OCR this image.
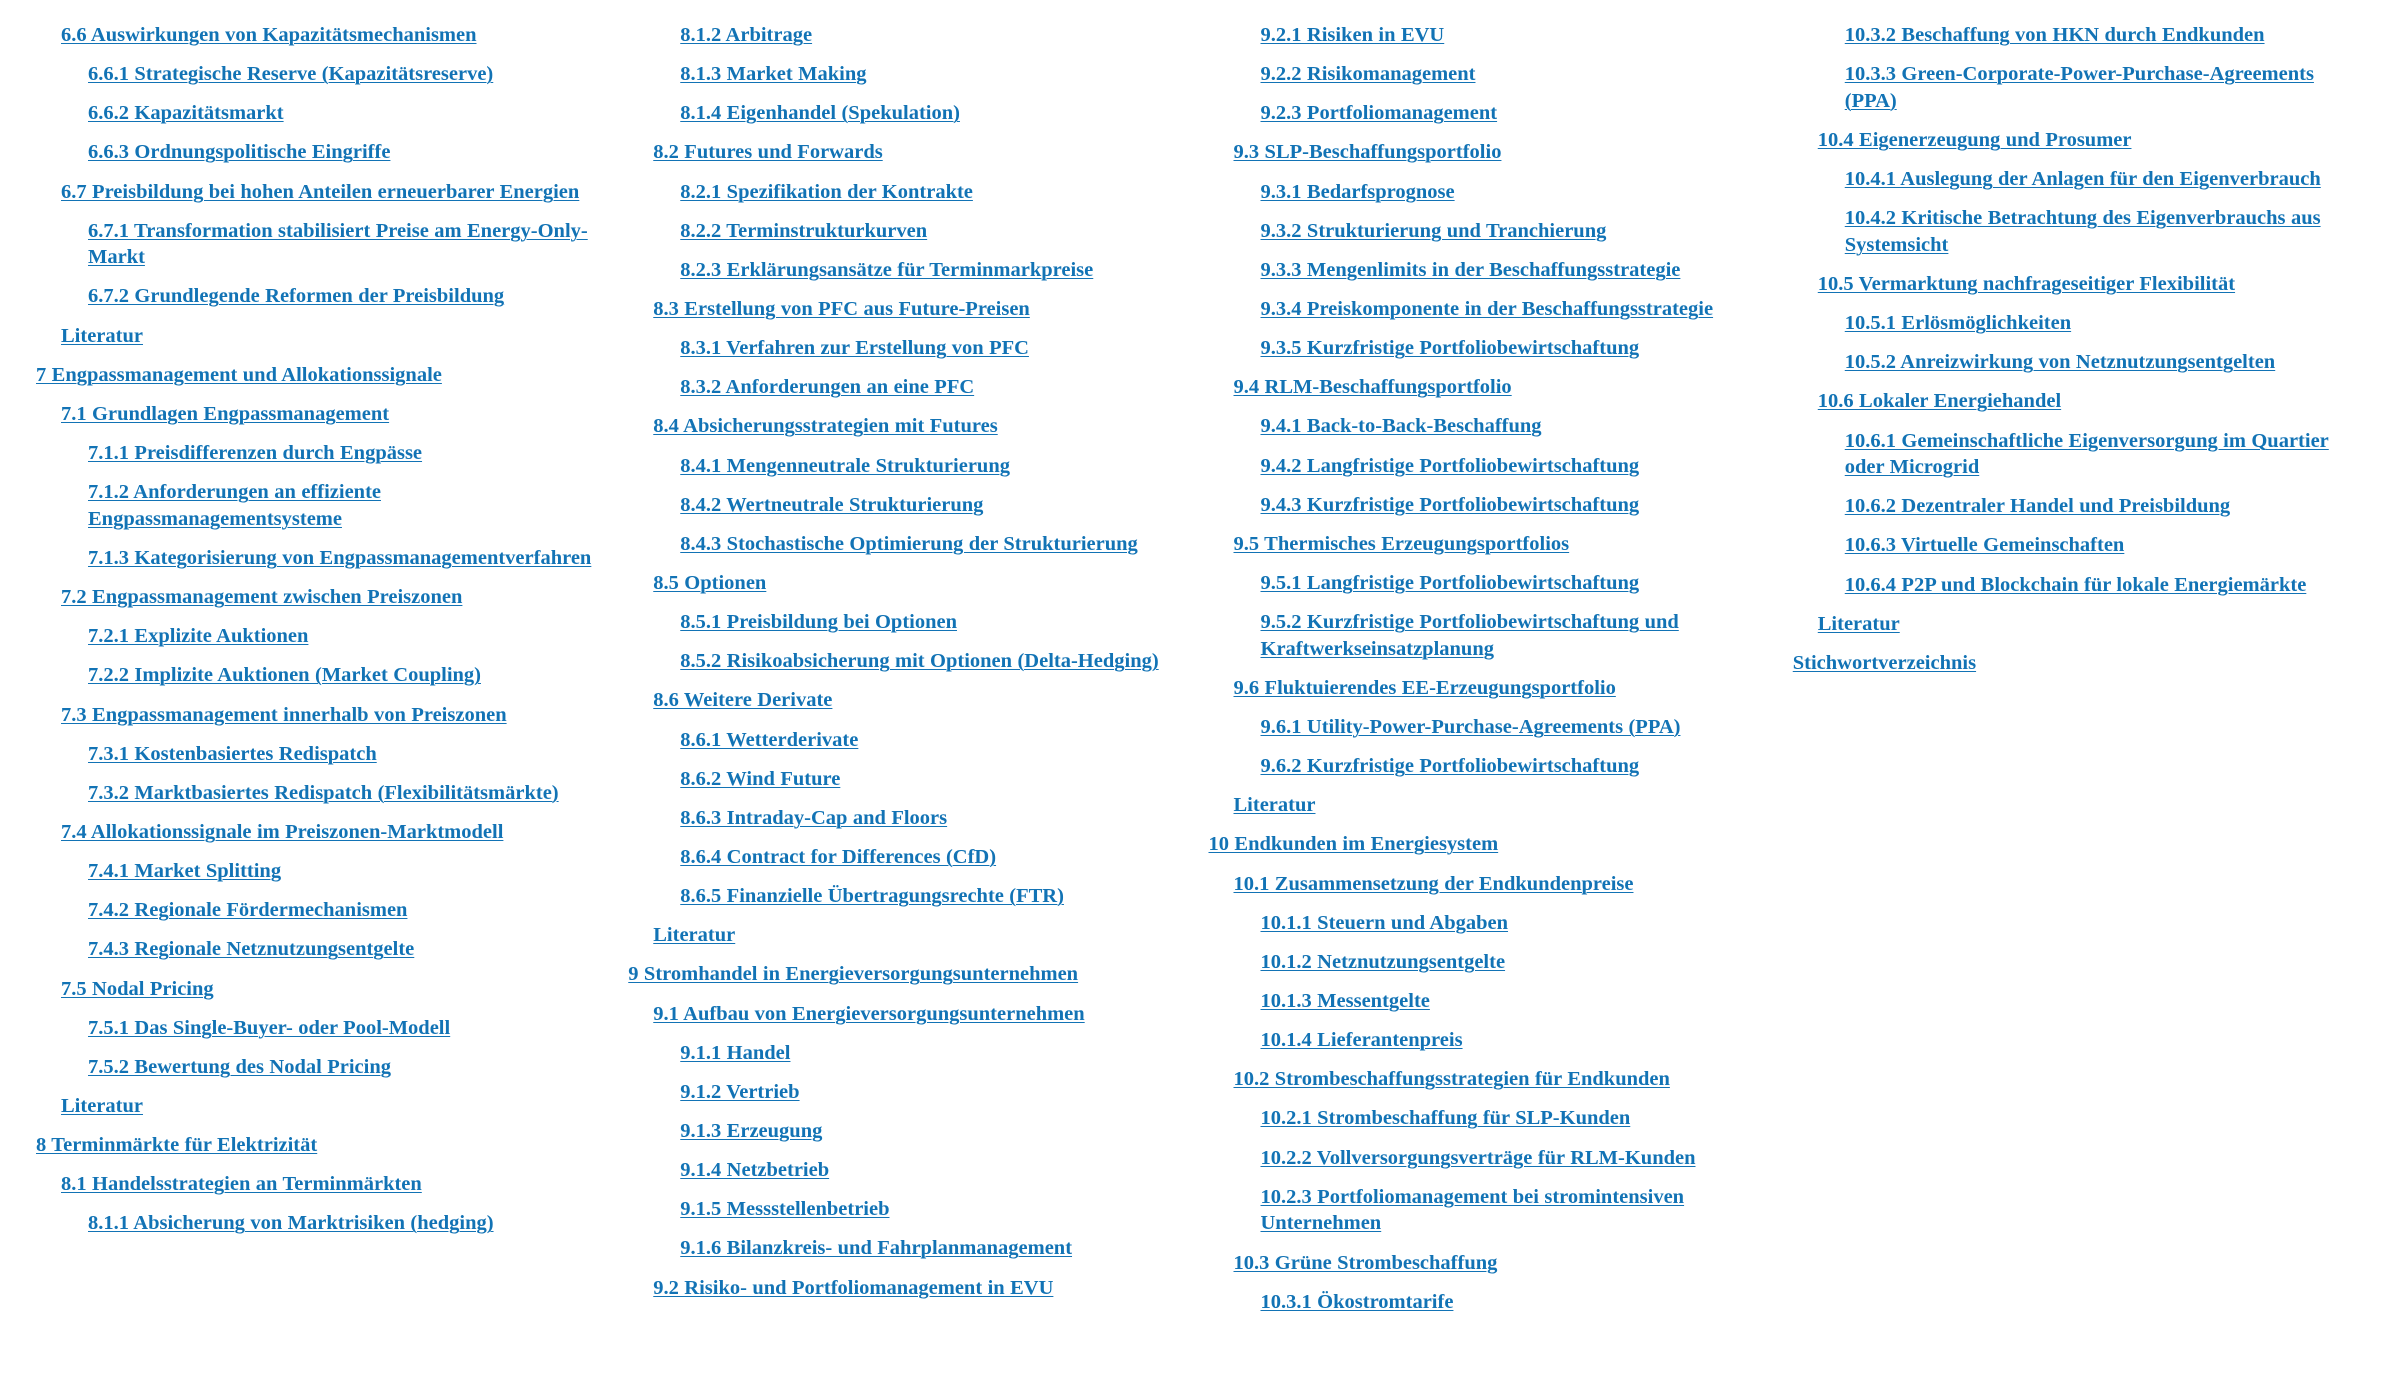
6.6 Auswirkungen von Kapazitätsmechanismen
6.6.1 Strategische Reserve (Kapazitätsreserve)
6.6.2 Kapazitätsmarkt
6.6.3 Ordnungspolitische Eingriffe
6.7 Preisbildung bei hohen Anteilen erneuerbarer Energien
6.7.1 Transformation stabilisiert Preise am Energy-Only-Markt
6.7.2 Grundlegende Reformen der Preisbildung
Literatur
7 Engpassmanagement und Allokationssignale
7.1 Grundlagen Engpassmanagement
7.1.1 Preisdifferenzen durch Engpässe
7.1.2 Anforderungen an effiziente Engpassmanagementsysteme
7.1.3 Kategorisierung von Engpassmanagementverfahren
7.2 Engpassmanagement zwischen Preiszonen
7.2.1 Explizite Auktionen
7.2.2 Implizite Auktionen (Market Coupling)
7.3 Engpassmanagement innerhalb von Preiszonen
7.3.1 Kostenbasiertes Redispatch
7.3.2 Marktbasiertes Redispatch (Flexibilitätsmärkte)
7.4 Allokationssignale im Preiszonen-Marktmodell
7.4.1 Market Splitting
7.4.2 Regionale Fördermechanismen
7.4.3 Regionale Netznutzungsentgelte
7.5 Nodal Pricing
7.5.1 Das Single-Buyer- oder Pool-Modell
7.5.2 Bewertung des Nodal Pricing
Literatur
8 Terminmärkte für Elektrizität
8.1 Handelsstrategien an Terminmärkten
8.1.1 Absicherung von Marktrisiken (hedging)
8.1.2 Arbitrage
8.1.3 Market Making
8.1.4 Eigenhandel (Spekulation)
8.2 Futures und Forwards
8.2.1 Spezifikation der Kontrakte
8.2.2 Terminstrukturkurven
8.2.3 Erklärungsansätze für Terminmarkpreise
8.3 Erstellung von PFC aus Future-Preisen
8.3.1 Verfahren zur Erstellung von PFC
8.3.2 Anforderungen an eine PFC
8.4 Absicherungsstrategien mit Futures
8.4.1 Mengenneutrale Strukturierung
8.4.2 Wertneutrale Strukturierung
8.4.3 Stochastische Optimierung der Strukturierung
8.5 Optionen
8.5.1 Preisbildung bei Optionen
8.5.2 Risikoabsicherung mit Optionen (Delta-Hedging)
8.6 Weitere Derivate
8.6.1 Wetterderivate
8.6.2 Wind Future
8.6.3 Intraday-Cap and Floors
8.6.4 Contract for Differences (CfD)
8.6.5 Finanzielle Übertragungsrechte (FTR)
Literatur
9 Stromhandel in Energieversorgungsunternehmen
9.1 Aufbau von Energieversorgungsunternehmen
9.1.1 Handel
9.1.2 Vertrieb
9.1.3 Erzeugung
9.1.4 Netzbetrieb
9.1.5 Messstellenbetrieb
9.1.6 Bilanzkreis- und Fahrplanmanagement
9.2 Risiko- und Portfoliomanagement in EVU
9.2.1 Risiken in EVU
9.2.2 Risikomanagement
9.2.3 Portfoliomanagement
9.3 SLP-Beschaffungsportfolio
9.3.1 Bedarfsprognose
9.3.2 Strukturierung und Tranchierung
9.3.3 Mengenlimits in der Beschaffungsstrategie
9.3.4 Preiskomponente in der Beschaffungsstrategie
9.3.5 Kurzfristige Portfoliobewirtschaftung
9.4 RLM-Beschaffungsportfolio
9.4.1 Back-to-Back-Beschaffung
9.4.2 Langfristige Portfoliobewirtschaftung
9.4.3 Kurzfristige Portfoliobewirtschaftung
9.5 Thermisches Erzeugungsportfolios
9.5.1 Langfristige Portfoliobewirtschaftung
9.5.2 Kurzfristige Portfoliobewirtschaftung und Kraftwerkseinsatzplanung
9.6 Fluktuierendes EE-Erzeugungsportfolio
9.6.1 Utility-Power-Purchase-Agreements (PPA)
9.6.2 Kurzfristige Portfoliobewirtschaftung
Literatur
10 Endkunden im Energiesystem
10.1 Zusammensetzung der Endkundenpreise
10.1.1 Steuern und Abgaben
10.1.2 Netznutzungsentgelte
10.1.3 Messentgelte
10.1.4 Lieferantenpreis
10.2 Strombeschaffungsstrategien für Endkunden
10.2.1 Strombeschaffung für SLP-Kunden
10.2.2 Vollversorgungsverträge für RLM-Kunden
10.2.3 Portfoliomanagement bei stromintensiven Unternehmen
10.3 Grüne Strombeschaffung
10.3.1 Ökostromtarife
10.3.2 Beschaffung von HKN durch Endkunden
10.3.3 Green-Corporate-Power-Purchase-Agreements (PPA)
10.4 Eigenerzeugung und Prosumer
10.4.1 Auslegung der Anlagen für den Eigenverbrauch
10.4.2 Kritische Betrachtung des Eigenverbrauchs aus Systemsicht
10.5 Vermarktung nachfrageseitiger Flexibilität
10.5.1 Erlösmöglichkeiten
10.5.2 Anreizwirkung von Netznutzungsentgelten
10.6 Lokaler Energiehandel
10.6.1 Gemeinschaftliche Eigenversorgung im Quartier oder Microgrid
10.6.2 Dezentraler Handel und Preisbildung
10.6.3 Virtuelle Gemeinschaften
10.6.4 P2P und Blockchain für lokale Energiemärkte
Literatur
Stichwortverzeichnis
